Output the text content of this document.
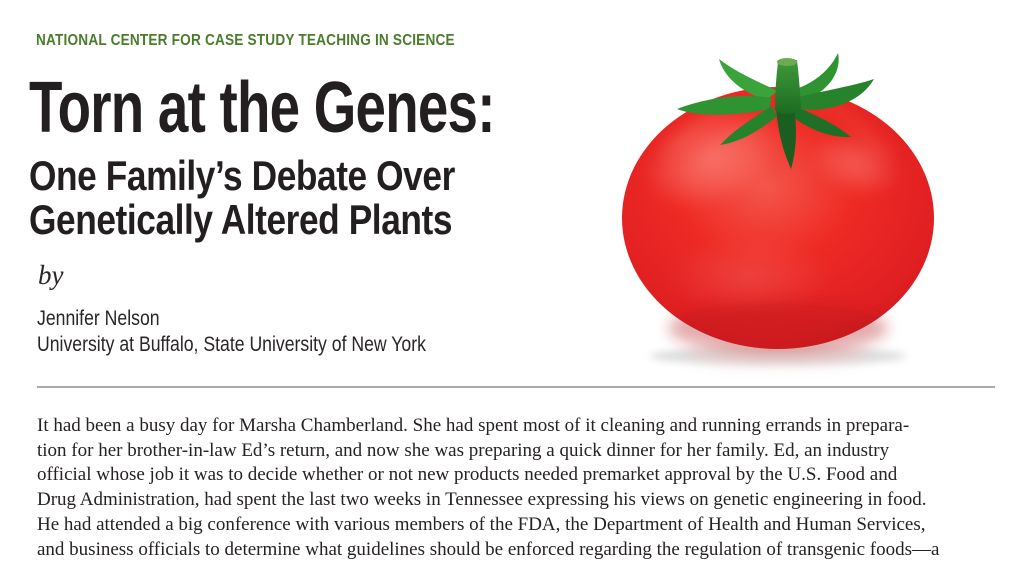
NATIONAL CENTER FOR CASE STUDY TEACHING IN SCIENCE
Torn at the Genes:
One Family’s Debate Over
Genetically Altered Plants
by
Jennifer Nelson
University at Buffalo, State University of New York
It had been a busy day for Marsha Chamberland. She had spent most of it cleaning and running errands in prepara-
tion for her brother-in-law Ed’s return, and now she was preparing a quick dinner for her family. Ed, an industry
official whose job it was to decide whether or not new products needed premarket approval by the U.S. Food and
Drug Administration, had spent the last two weeks in Tennessee expressing his views on genetic engineering in food.
He had attended a big conference with various members of the FDA, the Department of Health and Human Services,
and business officials to determine what guidelines should be enforced regarding the regulation of transgenic foods—a
